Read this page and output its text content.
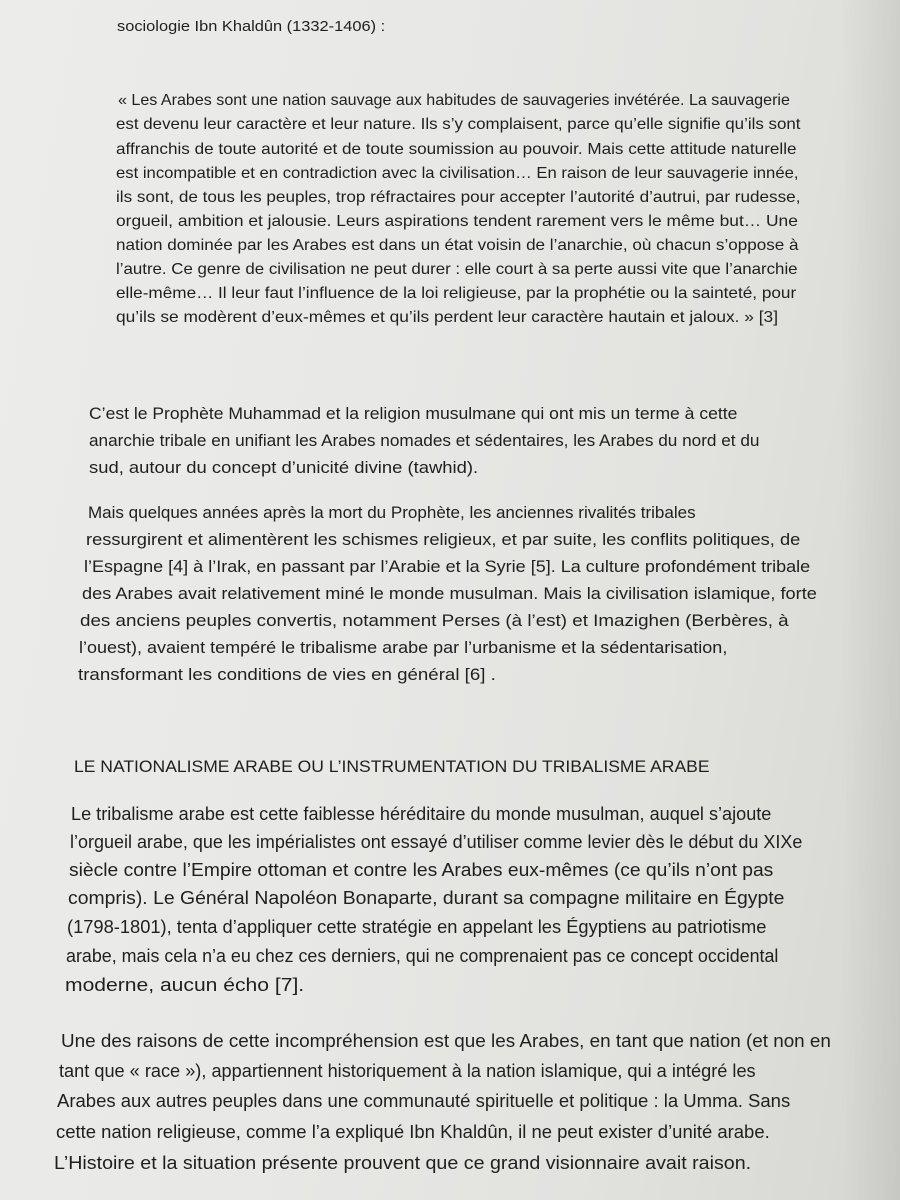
sociologie Ibn Khaldûn (1332-1406) :

« Les Arabes sont une nation sauvage aux habitudes de sauvageries invétérée. La sauvagerie

est devenu leur caractère et leur nature. Ils s’y complaisent, parce qu’elle signifie qu’ils sont

affranchis de toute autorité et de toute soumission au pouvoir. Mais cette attitude naturelle

est incompatible et en contradiction avec la civilisation… En raison de leur sauvagerie innée,

ils sont, de tous les peuples, trop réfractaires pour accepter l’autorité d’autrui, par rudesse,

orgueil, ambition et jalousie. Leurs aspirations tendent rarement vers le même but… Une

nation dominée par les Arabes est dans un état voisin de l’anarchie, où chacun s’oppose à

l’autre. Ce genre de civilisation ne peut durer : elle court à sa perte aussi vite que l’anarchie

elle-même… Il leur faut l’influence de la loi religieuse, par la prophétie ou la sainteté, pour

qu’ils se modèrent d’eux-mêmes et qu’ils perdent leur caractère hautain et jaloux. » [3]

C’est le Prophète Muhammad et la religion musulmane qui ont mis un terme à cette

anarchie tribale en unifiant les Arabes nomades et sédentaires, les Arabes du nord et du

sud, autour du concept d’unicité divine (tawhid).

Mais quelques années après la mort du Prophète, les anciennes rivalités tribales

ressurgirent et alimentèrent les schismes religieux, et par suite, les conflits politiques, de

l’Espagne [4] à l’Irak, en passant par l’Arabie et la Syrie [5]. La culture profondément tribale

des Arabes avait relativement miné le monde musulman. Mais la civilisation islamique, forte

des anciens peuples convertis, notamment Perses (à l’est) et Imazighen (Berbères, à

l’ouest), avaient tempéré le tribalisme arabe par l’urbanisme et la sédentarisation,

transformant les conditions de vies en général [6] .

LE NATIONALISME ARABE OU L’INSTRUMENTATION DU TRIBALISME ARABE

Le tribalisme arabe est cette faiblesse héréditaire du monde musulman, auquel s’ajoute

l’orgueil arabe, que les impérialistes ont essayé d’utiliser comme levier dès le début du XIXe

siècle contre l’Empire ottoman et contre les Arabes eux-mêmes (ce qu’ils n’ont pas

compris). Le Général Napoléon Bonaparte, durant sa compagne militaire en Égypte

(1798-1801), tenta d’appliquer cette stratégie en appelant les Égyptiens au patriotisme

arabe, mais cela n’a eu chez ces derniers, qui ne comprenaient pas ce concept occidental

moderne, aucun écho [7].

Une des raisons de cette incompréhension est que les Arabes, en tant que nation (et non en

tant que « race »), appartiennent historiquement à la nation islamique, qui a intégré les

Arabes aux autres peuples dans une communauté spirituelle et politique : la Umma. Sans

cette nation religieuse, comme l’a expliqué Ibn Khaldûn, il ne peut exister d’unité arabe.

L’Histoire et la situation présente prouvent que ce grand visionnaire avait raison.
